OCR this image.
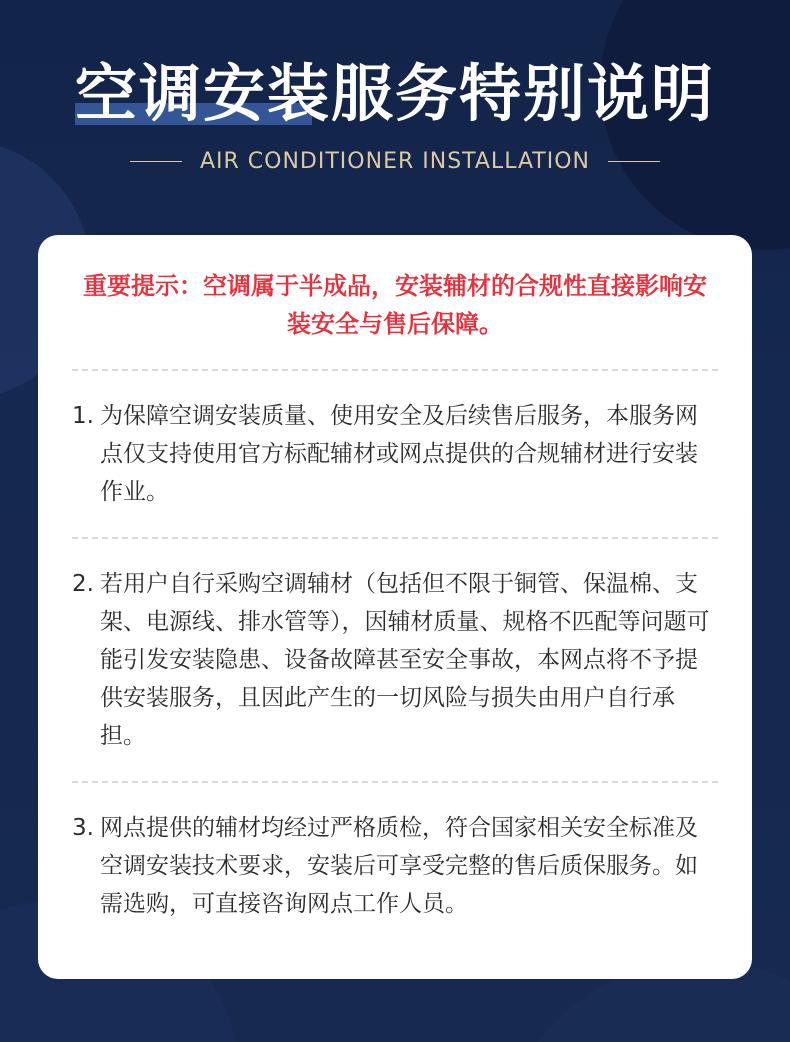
空调安装服务特别说明
AIR CONDITIONER INSTALLATION
重要提示：空调属于半成品，安装辅材的合规性直接影响安装安全与售后保障。
1. 为保障空调安装质量、使用安全及后续售后服务，本服务网点仅支持使用官方标配辅材或网点提供的合规辅材进行安装作业。
2. 若用户自行采购空调辅材（包括但不限于铜管、保温棉、支架、电源线、排水管等），因辅材质量、规格不匹配等问题可能引发安装隐患、设备故障甚至安全事故，本网点将不予提供安装服务，且因此产生的一切风险与损失由用户自行承担。
3. 网点提供的辅材均经过严格质检，符合国家相关安全标准及空调安装技术要求，安装后可享受完整的售后质保服务。如需选购，可直接咨询网点工作人员。
